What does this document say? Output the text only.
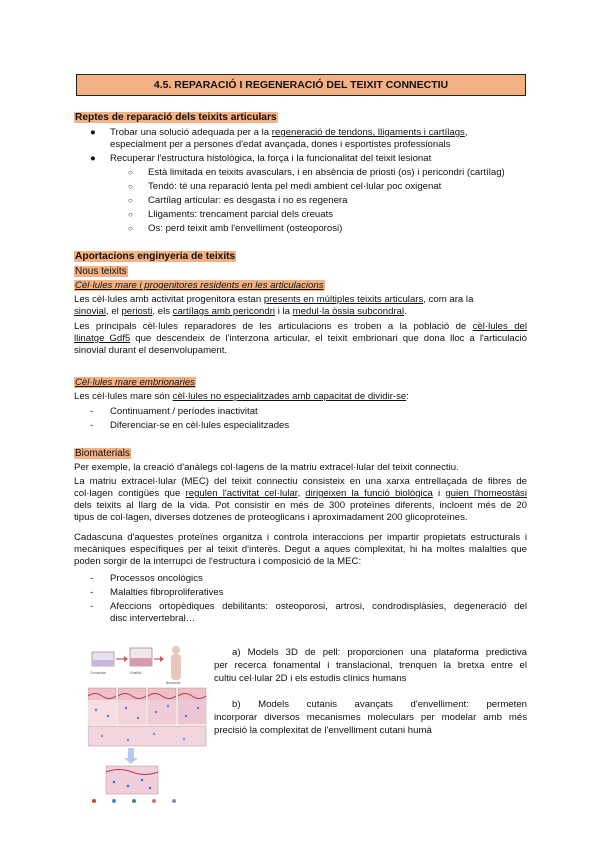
4.5. REPARACIÓ I REGENERACIÓ DEL TEIXIT CONNECTIU
Reptes de reparació dels teixits articulars
● Trobar una solució adequada per a la regeneració de tendons, lligaments i cartílags,
especialment per a persones d'edat avançada, dones i esportistes professionals
● Recuperar l'estructura histològica, la força i la funcionalitat del teixit lesionat
○ Està limitada en teixits avasculars, i en absència de priosti (os) i pericondri (cartílag)
○ Tendó: té una reparació lenta pel medi ambient cel·lular poc oxigenat
○ Cartílag articular: es desgasta i no es regenera
○ Lligaments: trencament parcial dels creuats
○ Os: perd teixit amb l'envelliment (osteoporosi)
Aportacions enginyeria de teixits
Nous teixits
Cèl·lules mare i progenitores residents en les articulacions
Les cèl·lules amb activitat progenitora estan presents en múltiples teixits articulars, com ara la
sinovial, el periosti, els cartílags amb pericondri i la medul·la òssia subcondral.
Les principals cèl·lules reparadores de les articulacions es troben a la població de cèl·lules del
llinatge Gdf5 que descendeix de l'interzona articular, el teixit embrionari que dona lloc a l'articulació
sinovial durant el desenvolupament.
Cèl·lules mare embrionaries
Les cèl·lules mare són cèl·lules no especialitzades amb capacitat de dividir-se:
- Continuament / períodes inactivitat
- Diferenciar-se en cèl·lules especialitzades
Biomaterials
Per exemple, la creació d'anàlegs col·lagens de la matriu extracel·lular del teixit connectiu.
La matriu extracel·lular (MEC) del teixit connectiu consisteix en una xarxa entrellaçada de fibres de
col·lagen contigües que regulen l'activitat cel·lular, dirigeixen la funció biològica i guien l'homeostàsi
dels teixits al llarg de la vida. Pot consistir en més de 300 proteïnes diferents, incloent més de 20
tipus de col·lagen, diverses dotzenes de proteoglicans i aproximadament 200 glicoproteïnes.
Cadascuna d'aquestes proteïnes organitza i controla interaccions per impartir propietats estructurals i
mecàniques específiques per al teixit d'interès. Degut a aques complexitat, hi ha moltes malalties que
poden sorgir de la interrupci de l'estructura i composició de la MEC:
- Processos oncològics
- Malalties fibroproliferatives
- Afeccions ortopèdiques debilitants: osteoporosi, artrosi, condrodisplàsies, degeneració del
disc intervertebral…
Connective	Scaffold
Bioreactor
a) Models 3D de pell: proporcionen una plataforma predictiva
per recerca fonamental i translacional, trenquen la bretxa entre el
cultiu cel·lular 2D i els estudis clínics humans
b) Models cutanis avançats d'envelliment: permeten
incorporar diversos mecanismes moleculars per modelar amb més
precisió la complexitat de l'envelliment cutani humà
